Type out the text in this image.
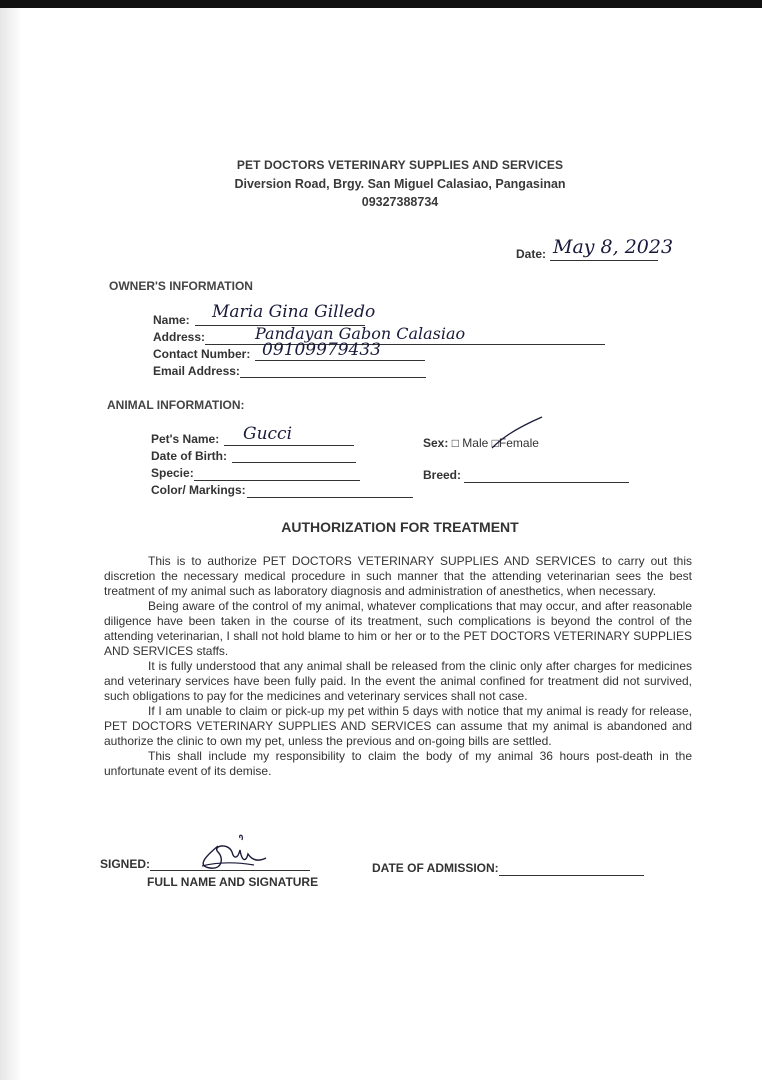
PET DOCTORS VETERINARY SUPPLIES AND SERVICES
Diversion Road, Brgy. San Miguel Calasiao, Pangasinan
09327388734
Date: May 8, 2023
OWNER'S INFORMATION
Name: Maria Gina Gilledo
Address:	Pandayan Gabon Calasiao
Contact Number: 09109979433
Email Address:
ANIMAL INFORMATION:
Pet's Name: Gucci
Date of Birth:
Specie:
Color/ Markings:
Sex: □ Male □Female
Breed:
AUTHORIZATION FOR TREATMENT

This is to authorize PET DOCTORS VETERINARY SUPPLIES AND SERVICES to carry out this discretion the necessary medical procedure in such manner that the attending veterinarian sees the best treatment of my animal such as laboratory diagnosis and administration of anesthetics, when necessary.

Being aware of the control of my animal, whatever complications that may occur, and after reasonable diligence have been taken in the course of its treatment, such complications is beyond the control of the attending veterinarian, I shall not hold blame to him or her or to the PET DOCTORS VETERINARY SUPPLIES AND SERVICES staffs.

It is fully understood that any animal shall be released from the clinic only after charges for medicines and veterinary services have been fully paid. In the event the animal confined for treatment did not survived, such obligations to pay for the medicines and veterinary services shall not case.

If I am unable to claim or pick-up my pet within 5 days with notice that my animal is ready for release, PET DOCTORS VETERINARY SUPPLIES AND SERVICES can assume that my animal is abandoned and authorize the clinic to own my pet, unless the previous and on-going bills are settled.

This shall include my responsibility to claim the body of my animal 36 hours post-death in the unfortunate event of its demise.

SIGNED:
FULL NAME AND SIGNATURE
DATE OF ADMISSION:
